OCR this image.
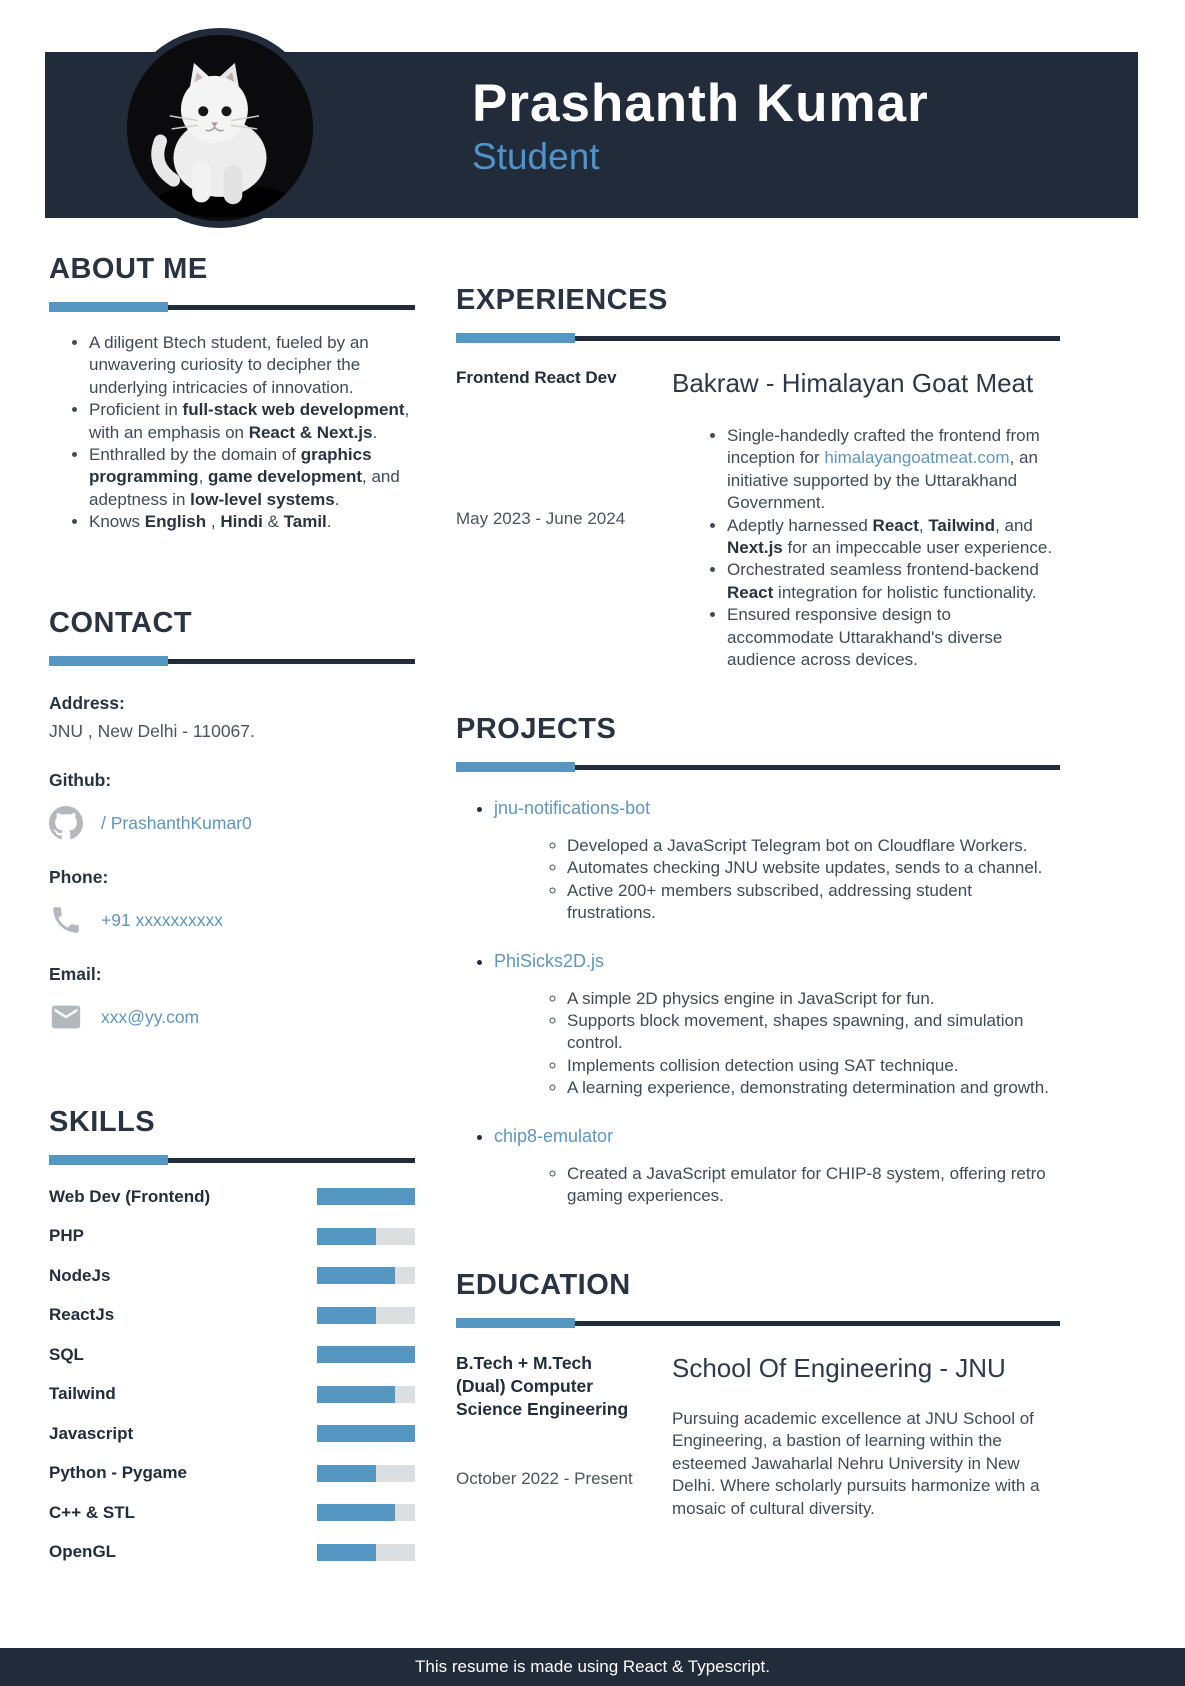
Prashanth Kumar
Student
ABOUT ME
• A diligent Btech student, fueled by an unwavering curiosity to decipher the underlying intricacies of innovation.
• Proficient in full-stack web development, with an emphasis on React & Next.js.
• Enthralled by the domain of graphics programming, game development, and adeptness in low-level systems.
• Knows English , Hindi & Tamil.
CONTACT
Address:
JNU , New Delhi - 110067.
Github:
/ PrashanthKumar0
Phone:
+91 xxxxxxxxxx
Email:
xxx@yy.com
SKILLS
Web Dev (Frontend)
PHP
NodeJs
ReactJs
SQL
Tailwind
Javascript
Python - Pygame
C++ & STL
OpenGL
EXPERIENCES
Frontend React Dev
May 2023 - June 2024
Bakraw - Himalayan Goat Meat
• Single-handedly crafted the frontend from inception for himalayangoatmeat.com, an initiative supported by the Uttarakhand Government.
• Adeptly harnessed React, Tailwind, and Next.js for an impeccable user experience.
• Orchestrated seamless frontend-backend React integration for holistic functionality.
• Ensured responsive design to accommodate Uttarakhand's diverse audience across devices.
PROJECTS
• jnu-notifications-bot
◦ Developed a JavaScript Telegram bot on Cloudflare Workers.
◦ Automates checking JNU website updates, sends to a channel.
◦ Active 200+ members subscribed, addressing student frustrations.
• PhiSicks2D.js
◦ A simple 2D physics engine in JavaScript for fun.
◦ Supports block movement, shapes spawning, and simulation control.
◦ Implements collision detection using SAT technique.
◦ A learning experience, demonstrating determination and growth.
• chip8-emulator
◦ Created a JavaScript emulator for CHIP-8 system, offering retro gaming experiences.
EDUCATION
B.Tech + M.Tech (Dual) Computer Science Engineering
October 2022 - Present
School Of Engineering - JNU
Pursuing academic excellence at JNU School of Engineering, a bastion of learning within the esteemed Jawaharlal Nehru University in New Delhi. Where scholarly pursuits harmonize with a mosaic of cultural diversity.
This resume is made using React & Typescript.
